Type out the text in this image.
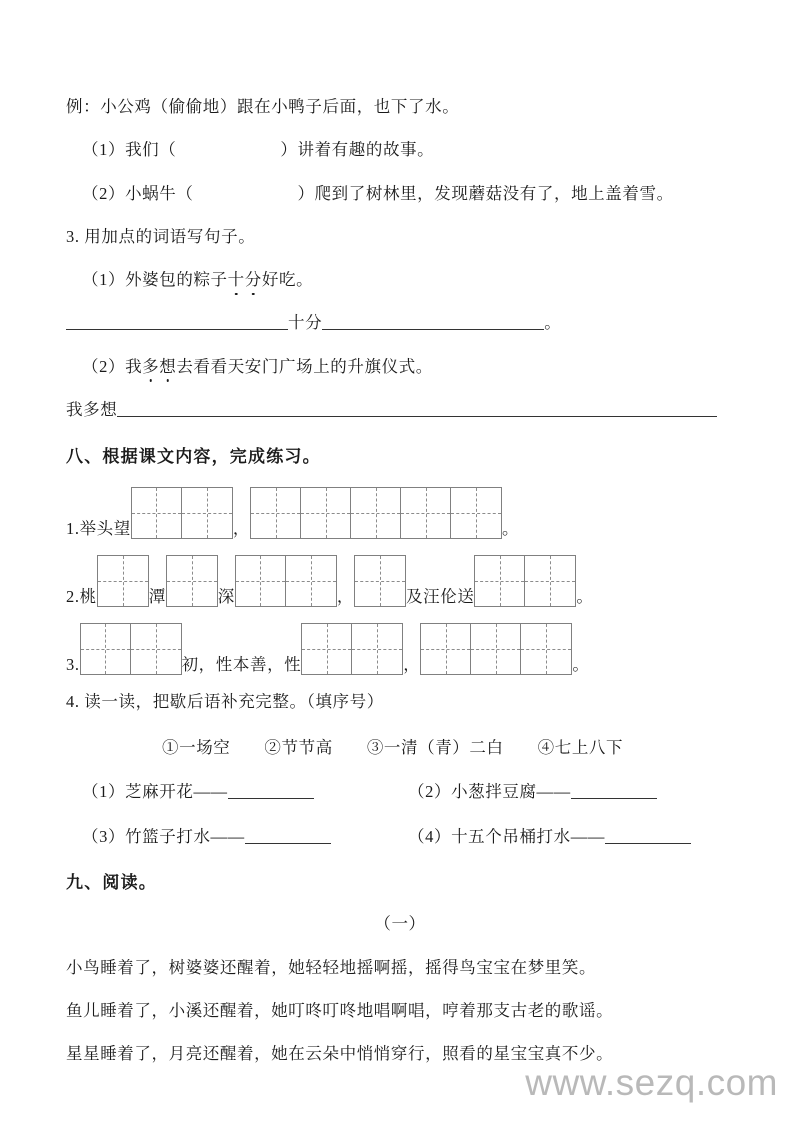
例：小公鸡（偷偷地）跟在小鸭子后面，也下了水。

（1）我们（	）讲着有趣的故事。

（2）小蜗牛（	）爬到了树林里，发现蘑菇没有了，地上盖着雪。

3. 用加点的词语写句子。

（1）外婆包的粽子十分好吃。

十分	。

（2）我多想去看看天安门广场上的升旗仪式。

我多想

八、根据课文内容，完成练习。

1. 举头望	，	。
2. 桃	潭	深	，	及汪伦送	。
3.	初，性本善，性	，	。

4. 读一读，把歇后语补充完整。（填序号）

①一场空 ②节节高 ③一清（青）二白 ④七上八下

（1）芝麻开花——	（2）小葱拌豆腐——
（3）竹篮子打水——	（4）十五个吊桶打水——

九、阅读。

（一）

小鸟睡着了，树婆婆还醒着，她轻轻地摇啊摇，摇得鸟宝宝在梦里笑。

鱼儿睡着了，小溪还醒着，她叮咚叮咚地唱啊唱，哼着那支古老的歌谣。

星星睡着了，月亮还醒着，她在云朵中悄悄穿行，照看的星宝宝真不少。

www.sezq.com
